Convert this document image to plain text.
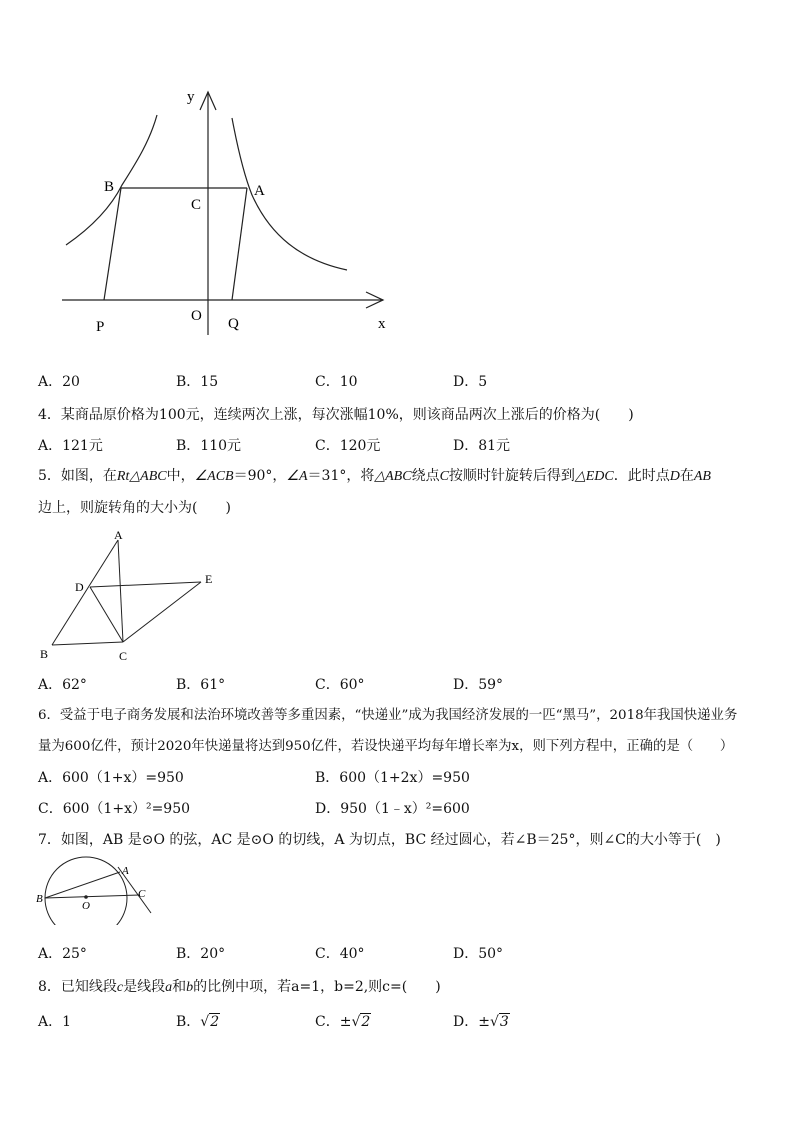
y
x
B
C
A
P
O Q
A．20	B．15	C．10	D．5
4．某商品原价格为100元，连续两次上涨，每次涨幅10%，则该商品两次上涨后的价格为(　　)
A．121元	B．110元	C．120元	D．81元
5．如图，在Rt△ABC中，∠ACB＝90°，∠A＝31°，将△ABC绕点C按顺时针旋转后得到△EDC．此时点D在AB
边上，则旋转角的大小为(　　)
A
D
E
B	C
A．62°	B．61°	C．60°	D．59°
6．受益于电子商务发展和法治环境改善等多重因素，“快递业”成为我国经济发展的一匹“黑马”，2018年我国快递业务
量为600亿件，预计2020年快递量将达到950亿件，若设快递平均每年增长率为x，则下列方程中，正确的是（　　）
A．600（1+x）=950	B．600（1+2x）=950
C．600（1+x）²=950	D．950（1﹣x）²=600
7．如图，AB 是⊙O 的弦，AC 是⊙O 的切线，A 为切点，BC 经过圆心，若∠B＝25°，则∠C的大小等于(　)
A
B
O
C
A．25°	B．20°	C．40°	D．50°
8．已知线段c是线段a和b的比例中项，若a=1，b=2,则c=(　　)
A．1	B．√2	C．±√2	D．±√3
